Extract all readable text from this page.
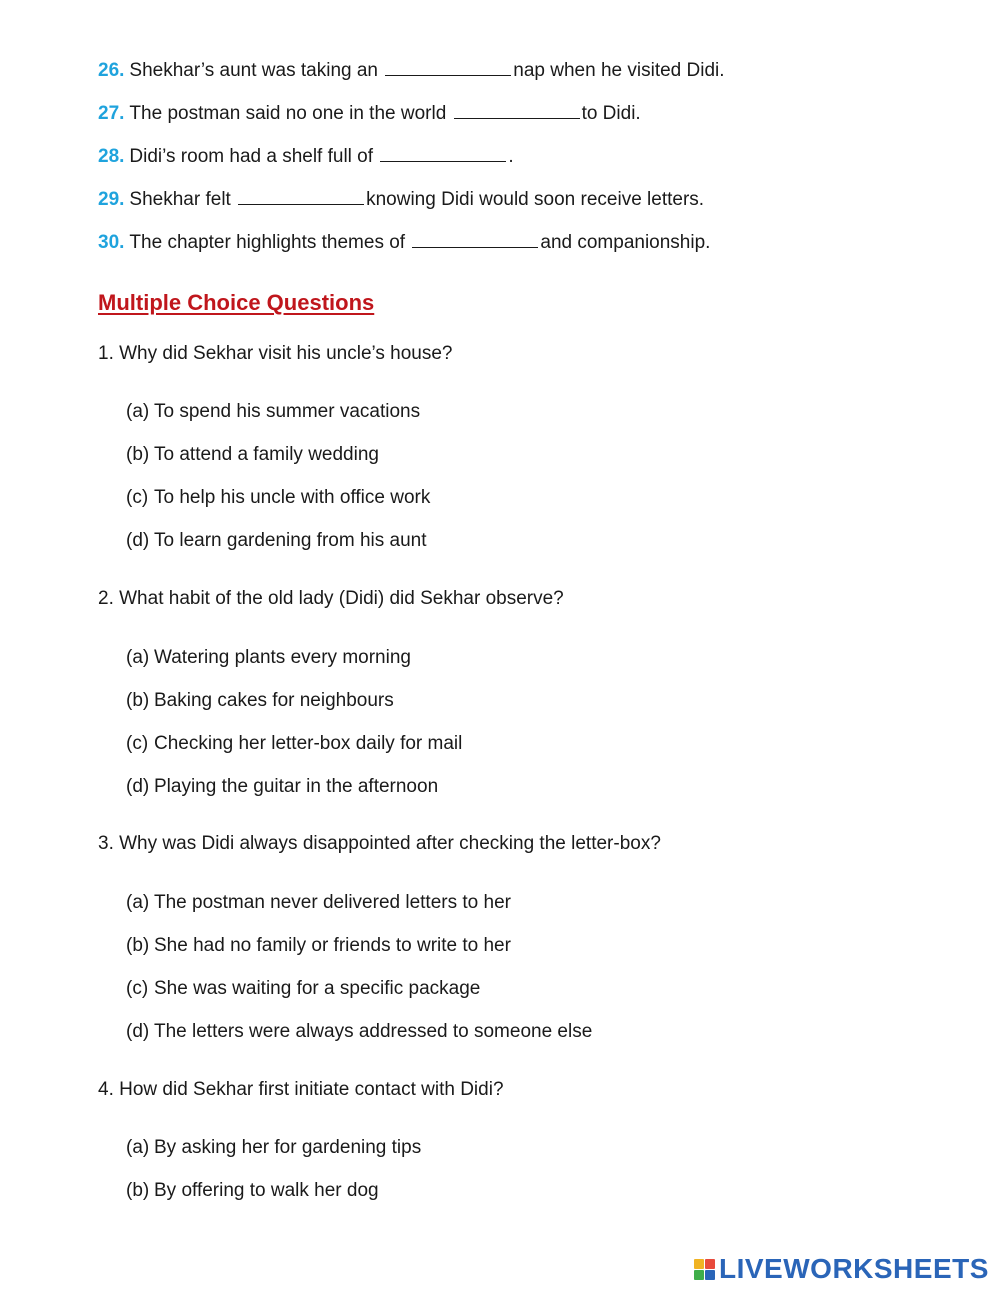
26. Shekhar’s aunt was taking an	nap when he visited Didi.
27. The postman said no one in the world	to Didi.
28. Didi’s room had a shelf full of	.
29. Shekhar felt	knowing Didi would soon receive letters.
30. The chapter highlights themes of	and companionship.
Multiple Choice Questions
1. Why did Sekhar visit his uncle’s house?
(a) To spend his summer vacations
(b) To attend a family wedding
(c) To help his uncle with office work
(d) To learn gardening from his aunt
2. What habit of the old lady (Didi) did Sekhar observe?
(a) Watering plants every morning
(b) Baking cakes for neighbours
(c) Checking her letter-box daily for mail
(d) Playing the guitar in the afternoon
3. Why was Didi always disappointed after checking the letter-box?
(a) The postman never delivered letters to her
(b) She had no family or friends to write to her
(c) She was waiting for a specific package
(d) The letters were always addressed to someone else
4. How did Sekhar first initiate contact with Didi?
(a) By asking her for gardening tips
(b) By offering to walk her dog
LIVEWORKSHEETS
